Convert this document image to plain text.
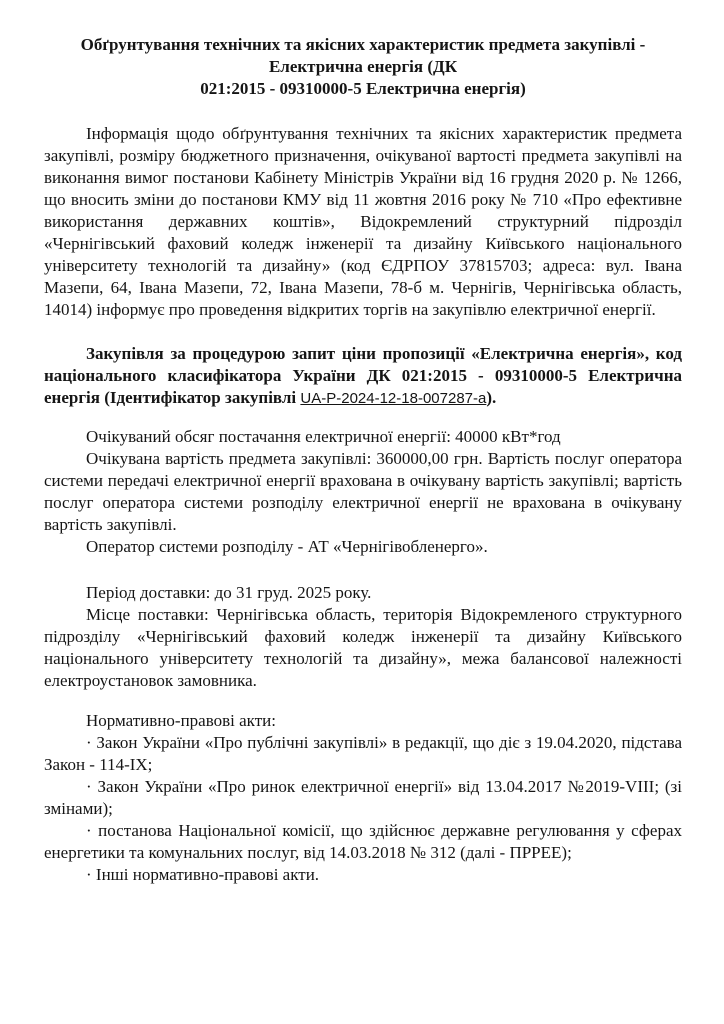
Обґрунтування технічних та якісних характеристик предмета закупівлі -
Електрична енергія (ДК
021:2015 - 09310000-5 Електрична енергія)

Інформація щодо обґрунтування технічних та якісних характеристик предмета закупівлі, розміру бюджетного призначення, очікуваної вартості предмета закупівлі на виконання вимог постанови Кабінету Міністрів України від 16 грудня 2020 р. № 1266, що вносить зміни до постанови КМУ від 11 жовтня 2016 року № 710 «Про ефективне використання державних коштів», Відокремлений структурний підрозділ «Чернігівський фаховий коледж інженерії та дизайну Київського національного університету технологій та дизайну» (код ЄДРПОУ 37815703; адреса: вул. Івана Мазепи, 64, Івана Мазепи, 72, Івана Мазепи, 78-б м. Чернігів, Чернігівська область, 14014) інформує про проведення відкритих торгів на закупівлю електричної енергії.

Закупівля за процедурою запит ціни пропозиції «Електрична енергія», код національного класифікатора України ДК 021:2015 - 09310000-5 Електрична енергія (Ідентифікатор закупівлі UA-P-2024-12-18-007287-a).

Очікуваний обсяг постачання електричної енергії: 40000 кВт*год

Очікувана вартість предмета закупівлі: 360000,00 грн. Вартість послуг оператора системи передачі електричної енергії врахована в очікувану вартість закупівлі; вартість послуг оператора системи розподілу електричної енергії не врахована в очікувану вартість закупівлі.

Оператор системи розподілу - АТ «Чернігівобленерго».

Період доставки: до 31 груд. 2025 року.

Місце поставки: Чернігівська область, територія Відокремленого структурного підрозділу «Чернігівський фаховий коледж інженерії та дизайну Київського національного університету технологій та дизайну», межа балансової належності електроустановок замовника.

Нормативно-правові акти:

· Закон України «Про публічні закупівлі» в редакції, що діє з 19.04.2020, підстава Закон - 114-IX;

· Закон України «Про ринок електричної енергії» від 13.04.2017 №2019-VIII; (зі змінами);

· постанова Національної комісії, що здійснює державне регулювання у сферах енергетики та комунальних послуг, від 14.03.2018 № 312 (далі - ПРРЕЕ);

· Інші нормативно-правові акти.
